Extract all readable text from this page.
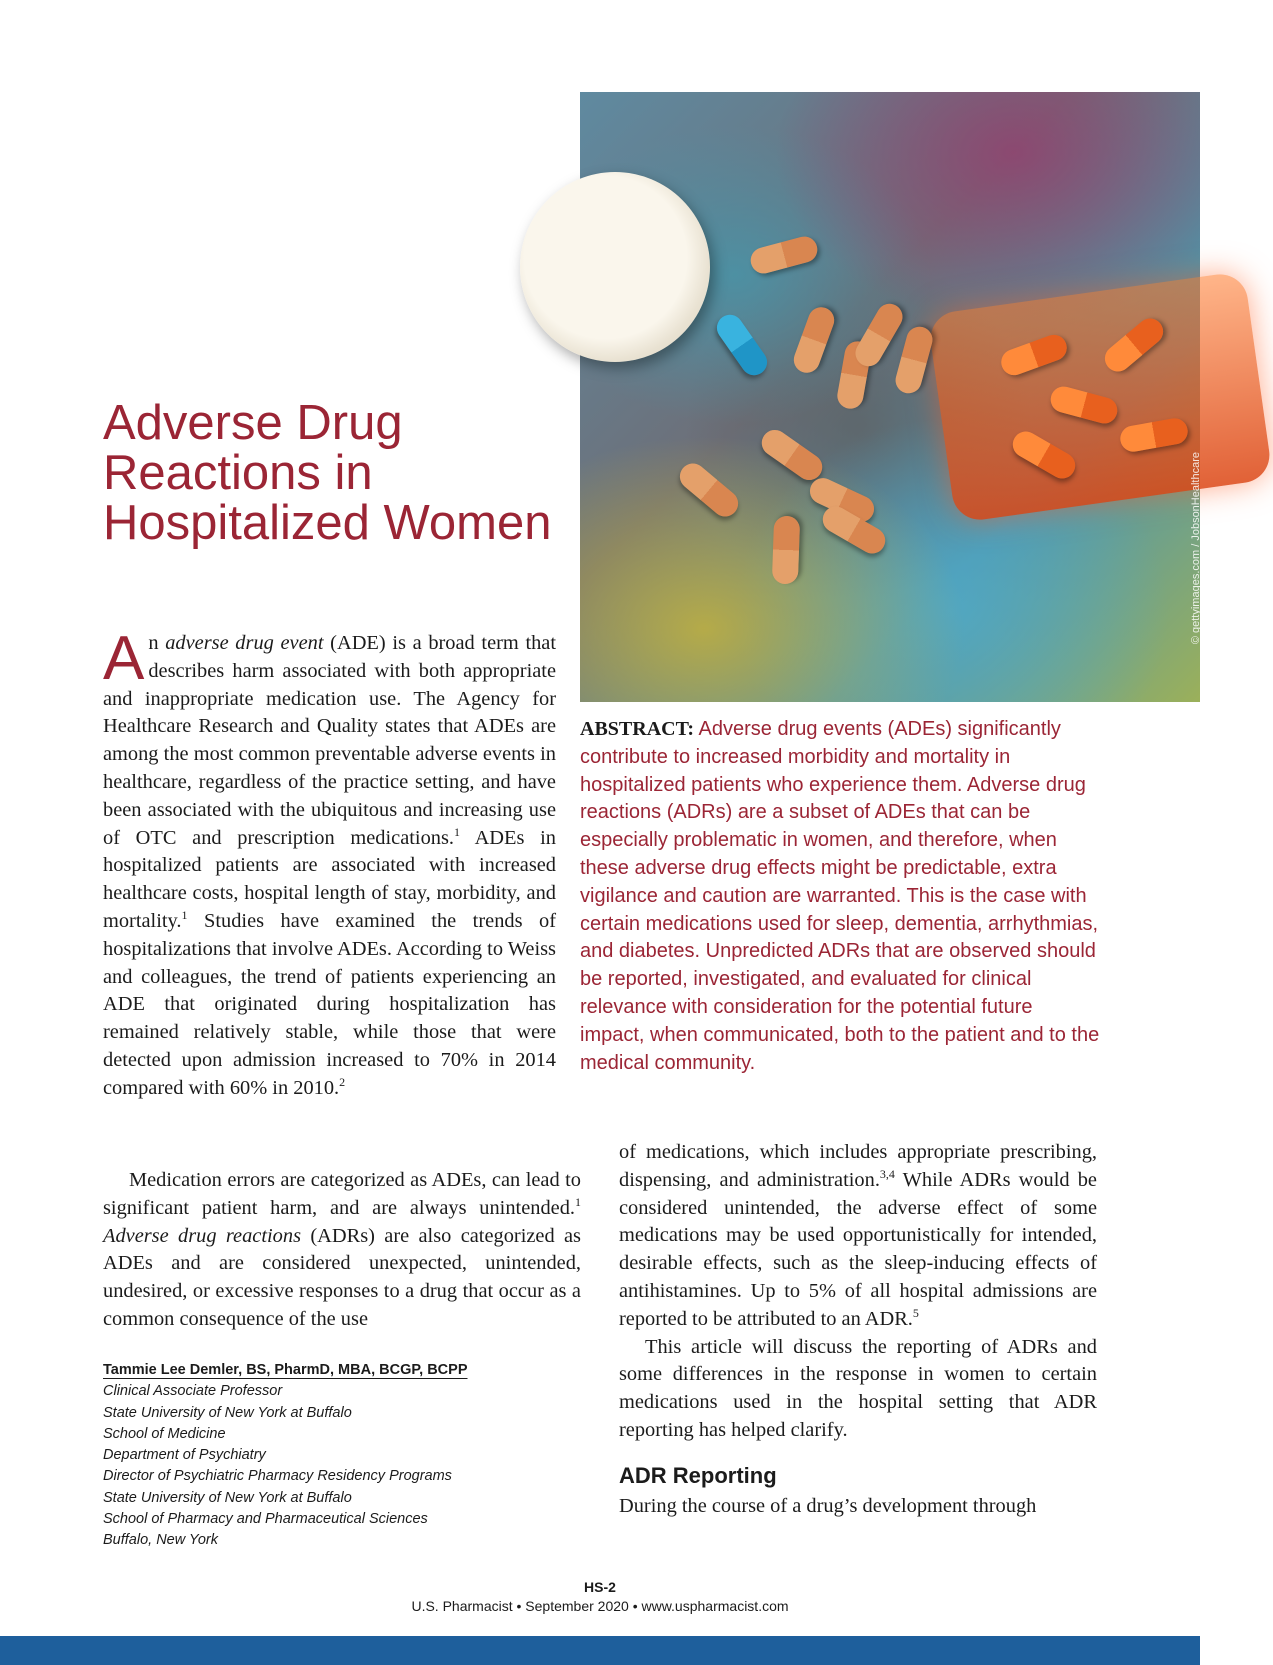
© gettyimages.com / JobsonHealthcare
Adverse Drug Reactions in Hospitalized Women

An adverse drug event (ADE) is a broad term that describes harm associated with both appropriate and inappropriate medication use. The Agency for Healthcare Research and Quality states that ADEs are among the most common preventable adverse events in healthcare, regardless of the practice setting, and have been associated with the ubiquitous and increasing use of OTC and prescription medications.$^1$ ADEs in hospitalized patients are associated with increased healthcare costs, hospital length of stay, morbidity, and mortality.$^1$ Studies have examined the trends of hospitalizations that involve ADEs. According to Weiss and colleagues, the trend of patients experiencing an ADE that originated during hospitalization has remained relatively stable, while those that were detected upon admission increased to 70% in 2014 compared with 60% in 2010.$^2$

Medication errors are categorized as ADEs, can lead to significant patient harm, and are always unintended.$^1$ Adverse drug reactions (ADRs) are also categorized as ADEs and are considered unexpected, unintended, undesired, or excessive responses to a drug that occur as a common consequence of the use

ABSTRACT: Adverse drug events (ADEs) significantly contribute to increased morbidity and mortality in hospitalized patients who experience them. Adverse drug reactions (ADRs) are a subset of ADEs that can be especially problematic in women, and therefore, when these adverse drug effects might be predictable, extra vigilance and caution are warranted. This is the case with certain medications used for sleep, dementia, arrhythmias, and diabetes. Unpredicted ADRs that are observed should be reported, investigated, and evaluated for clinical relevance with consideration for the potential future impact, when communicated, both to the patient and to the medical community.

of medications, which includes appropriate prescribing, dispensing, and administration.$^{3,4}$ While ADRs would be considered unintended, the adverse effect of some medications may be used opportunistically for intended, desirable effects, such as the sleep-inducing effects of antihistamines. Up to 5% of all hospital admissions are reported to be attributed to an ADR.$^5$

This article will discuss the reporting of ADRs and some differences in the response in women to certain medications used in the hospital setting that ADR reporting has helped clarify.

ADR Reporting

During the course of a drug’s development through

Tammie Lee Demler, BS, PharmD, MBA, BCGP, BCPP
Clinical Associate Professor
State University of New York at Buffalo
School of Medicine
Department of Psychiatry
Director of Psychiatric Pharmacy Residency Programs
State University of New York at Buffalo
School of Pharmacy and Pharmaceutical Sciences
Buffalo, New York
HS-2
U.S. Pharmacist • September 2020 • www.uspharmacist.com
